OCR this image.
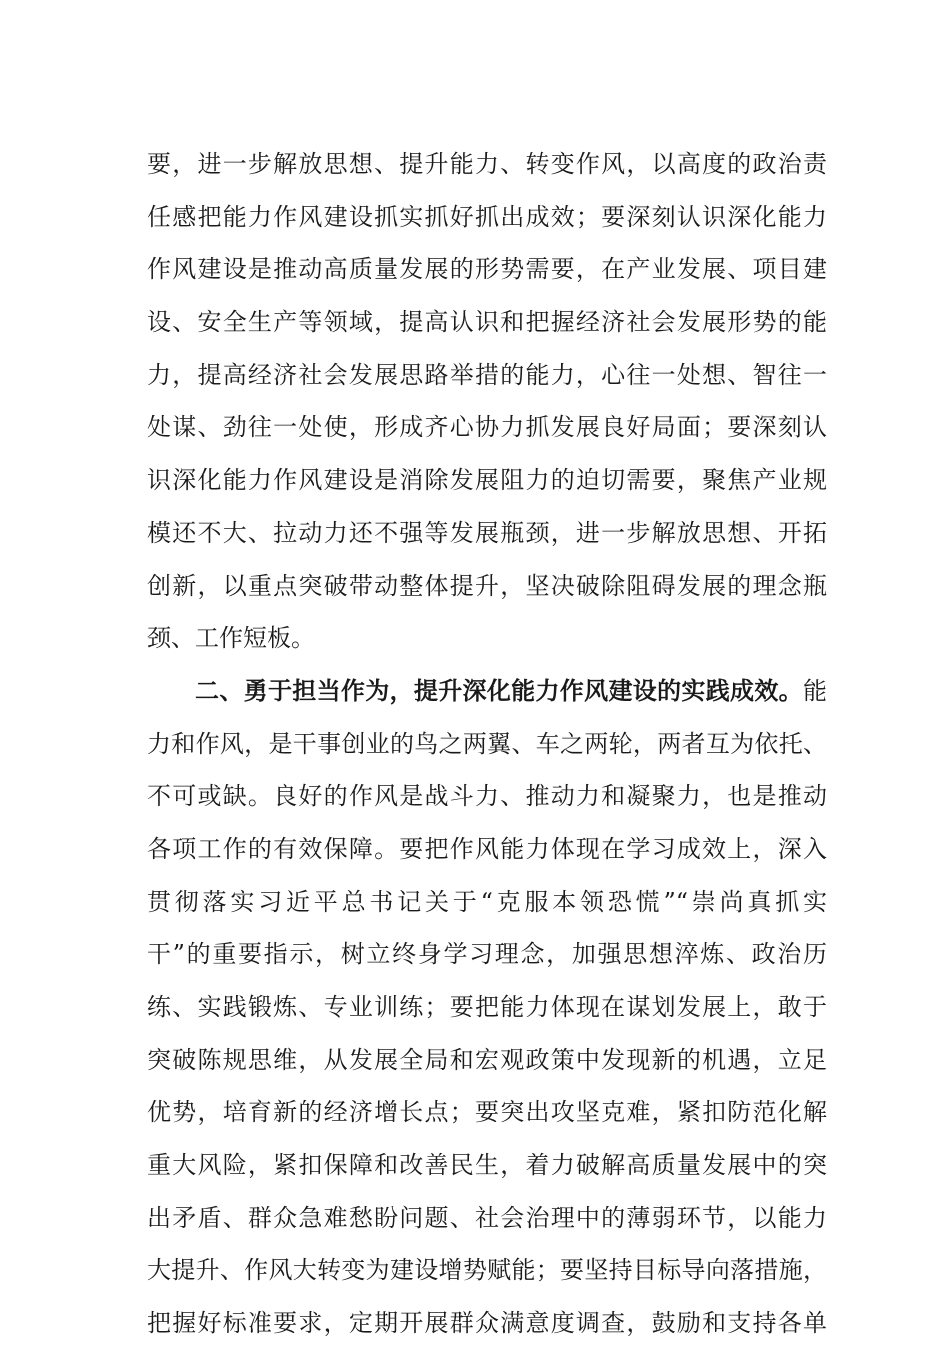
要，进一步解放思想、提升能力、转变作风，以高度的政治责
任感把能力作风建设抓实抓好抓出成效；要深刻认识深化能力
作风建设是推动高质量发展的形势需要，在产业发展、项目建
设、安全生产等领域，提高认识和把握经济社会发展形势的能
力，提高经济社会发展思路举措的能力，心往一处想、智往一
处谋、劲往一处使，形成齐心协力抓发展良好局面；要深刻认
识深化能力作风建设是消除发展阻力的迫切需要，聚焦产业规
模还不大、拉动力还不强等发展瓶颈，进一步解放思想、开拓
创新，以重点突破带动整体提升，坚决破除阻碍发展的理念瓶
颈、工作短板。
二、勇于担当作为，提升深化能力作风建设的实践成效。能
力和作风，是干事创业的鸟之两翼、车之两轮，两者互为依托、
不可或缺。良好的作风是战斗力、推动力和凝聚力，也是推动
各项工作的有效保障。要把作风能力体现在学习成效上，深入
贯彻落实习近平总书记关于“克服本领恐慌”“崇尚真抓实
干”的重要指示，树立终身学习理念，加强思想淬炼、政治历
练、实践锻炼、专业训练；要把能力体现在谋划发展上，敢于
突破陈规思维，从发展全局和宏观政策中发现新的机遇，立足
优势，培育新的经济增长点；要突出攻坚克难，紧扣防范化解
重大风险，紧扣保障和改善民生，着力破解高质量发展中的突
出矛盾、群众急难愁盼问题、社会治理中的薄弱环节，以能力
大提升、作风大转变为建设增势赋能；要坚持目标导向落措施，
把握好标准要求，定期开展群众满意度调查，鼓励和支持各单
